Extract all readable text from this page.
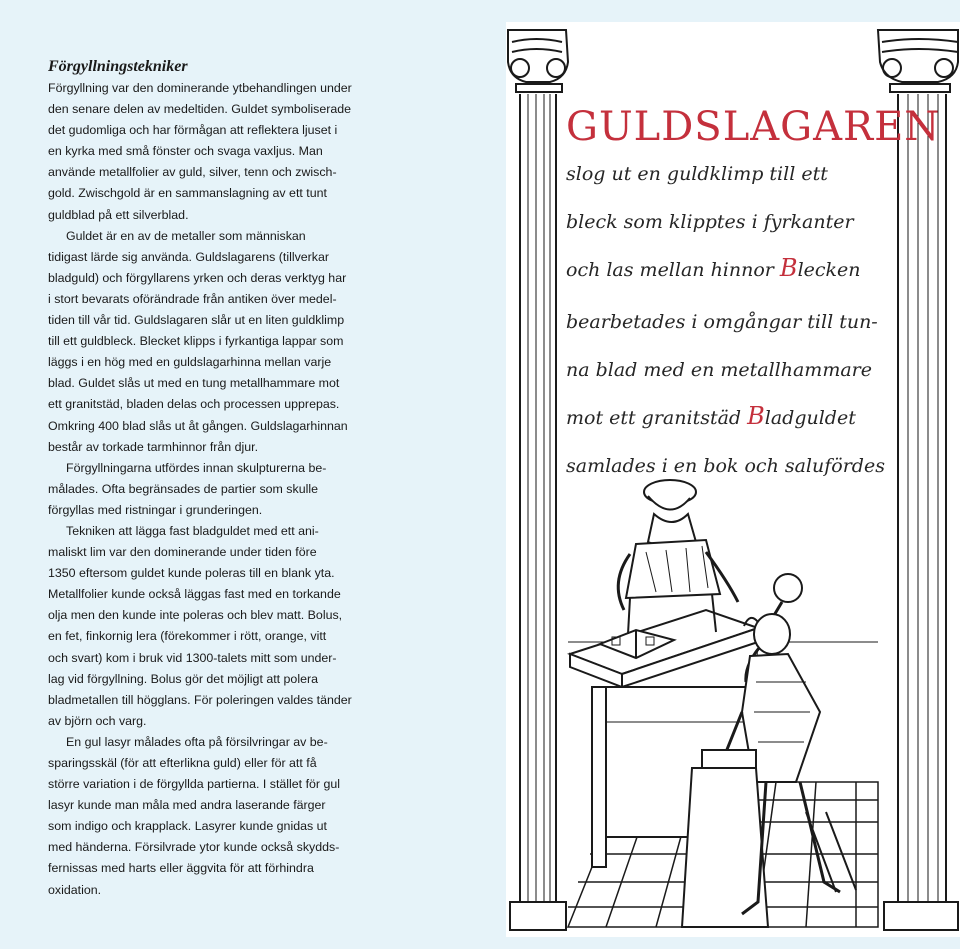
Förgyllningstekniker
Förgyllning var den dominerande ytbehandlingen under
den senare delen av medeltiden. Guldet symboliserade
det gudomliga och har förmågan att reflektera ljuset i
en kyrka med små fönster och svaga vaxljus. Man
använde metallfolier av guld, silver, tenn och zwisch-
gold. Zwischgold är en sammanslagning av ett tunt
guldblad på ett silverblad.
Guldet är en av de metaller som människan
tidigast lärde sig använda. Guldslagarens (tillverkar
bladguld) och förgyllarens yrken och deras verktyg har
i stort bevarats oförändrade från antiken över medel-
tiden till vår tid. Guldslagaren slår ut en liten guldklimp
till ett guldbleck. Blecket klipps i fyrkantiga lappar som
läggs i en hög med en guldslagarhinna mellan varje
blad. Guldet slås ut med en tung metallhammare mot
ett granitstäd, bladen delas och processen upprepas.
Omkring 400 blad slås ut åt gången. Guldslagarhinnan
består av torkade tarmhinnor från djur.
Förgyllningarna utfördes innan skulpturerna be-
målades. Ofta begränsades de partier som skulle
förgyllas med ristningar i grunderingen.
Tekniken att lägga fast bladguldet med ett ani-
maliskt lim var den dominerande under tiden före
1350 eftersom guldet kunde poleras till en blank yta.
Metallfolier kunde också läggas fast med en torkande
olja men den kunde inte poleras och blev matt. Bolus,
en fet, finkornig lera (förekommer i rött, orange, vitt
och svart) kom i bruk vid 1300-talets mitt som under-
lag vid förgyllning. Bolus gör det möjligt att polera
bladmetallen till högglans. För poleringen valdes tänder
av björn och varg.
En gul lasyr målades ofta på försilvringar av be-
sparingsskäl (för att efterlikna guld) eller för att få
större variation i de förgyllda partierna. I stället för gul
lasyr kunde man måla med andra laserande färger
som indigo och krapplack. Lasyrer kunde gnidas ut
med händerna. Försilvrade ytor kunde också skydds-
fernissas med harts eller äggvita för att förhindra
oxidation.
GULDSLAGAREN
slog ut en guldklimp till ett
bleck som klipptes i fyrkanter
och las mellan hinnor Blecken
bearbetades i omgångar till tun-
na blad med en metallhammare
mot ett granitstäd Bladguldet
samlades i en bok och salufördes
